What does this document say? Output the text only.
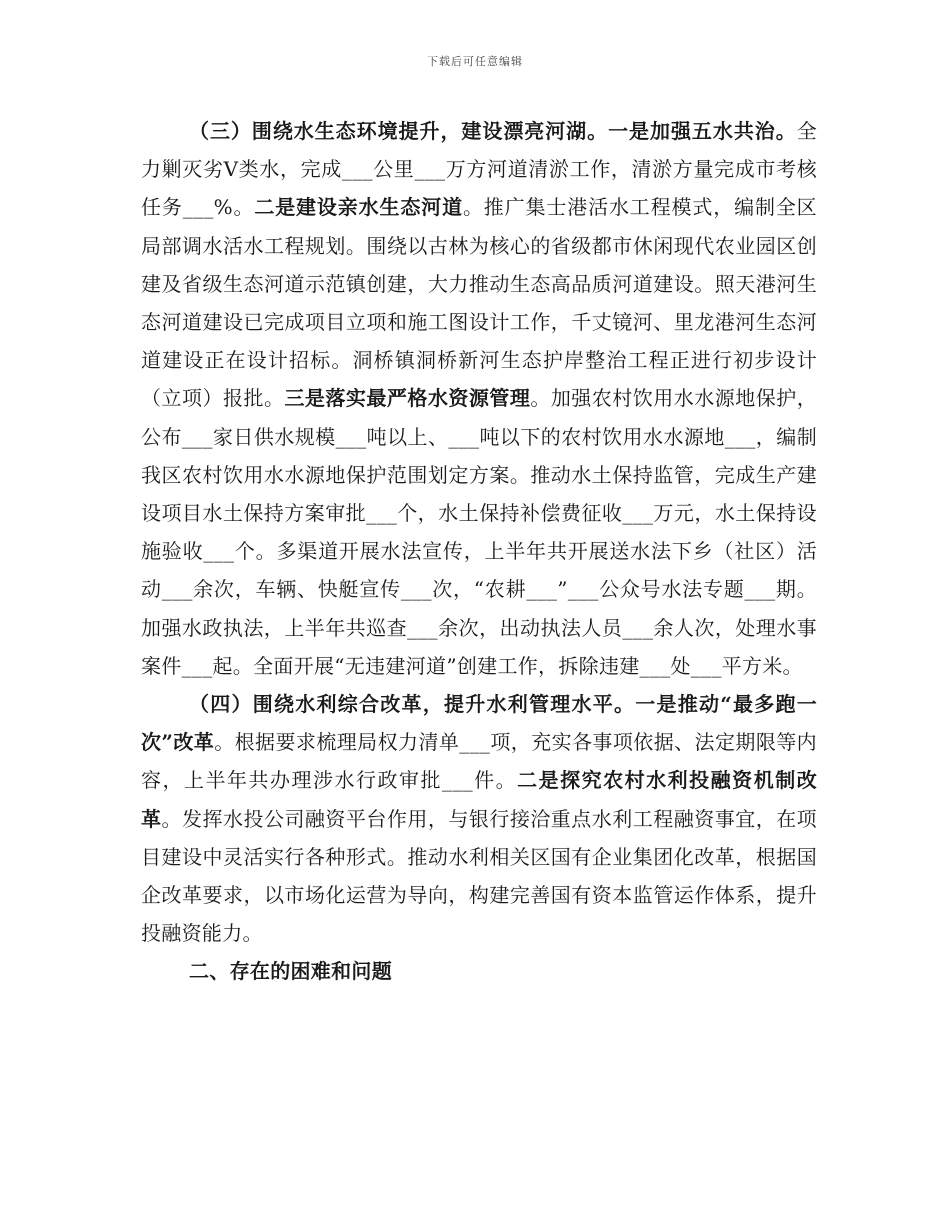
下载后可任意编辑

（三）围绕水生态环境提升，建设漂亮河湖。一是加强五水共治。全力剿灭劣Ⅴ类水，完成___公里___万方河道清淤工作，清淤方量完成市考核任务___%。二是建设亲水生态河道。推广集士港活水工程模式，编制全区局部调水活水工程规划。围绕以古林为核心的省级都市休闲现代农业园区创建及省级生态河道示范镇创建，大力推动生态高品质河道建设。照天港河生态河道建设已完成项目立项和施工图设计工作，千丈镜河、里龙港河生态河道建设正在设计招标。洞桥镇洞桥新河生态护岸整治工程正进行初步设计（立项）报批。三是落实最严格水资源管理。加强农村饮用水水源地保护，公布___家日供水规模___吨以上、___吨以下的农村饮用水水源地___，编制我区农村饮用水水源地保护范围划定方案。推动水土保持监管，完成生产建设项目水土保持方案审批___个，水土保持补偿费征收___万元，水土保持设施验收___个。多渠道开展水法宣传，上半年共开展送水法下乡（社区）活动___余次，车辆、快艇宣传___次，“农耕___”___公众号水法专题___期。加强水政执法，上半年共巡查___余次，出动执法人员___余人次，处理水事案件___起。全面开展“无违建河道”创建工作，拆除违建___处___平方米。

（四）围绕水利综合改革，提升水利管理水平。一是推动“最多跑一次”改革。根据要求梳理局权力清单___项，充实各事项依据、法定期限等内容，上半年共办理涉水行政审批___件。二是探究农村水利投融资机制改革。发挥水投公司融资平台作用，与银行接洽重点水利工程融资事宜，在项目建设中灵活实行各种形式。推动水利相关区国有企业集团化改革，根据国企改革要求，以市场化运营为导向，构建完善国有资本监管运作体系，提升投融资能力。

二、存在的困难和问题
